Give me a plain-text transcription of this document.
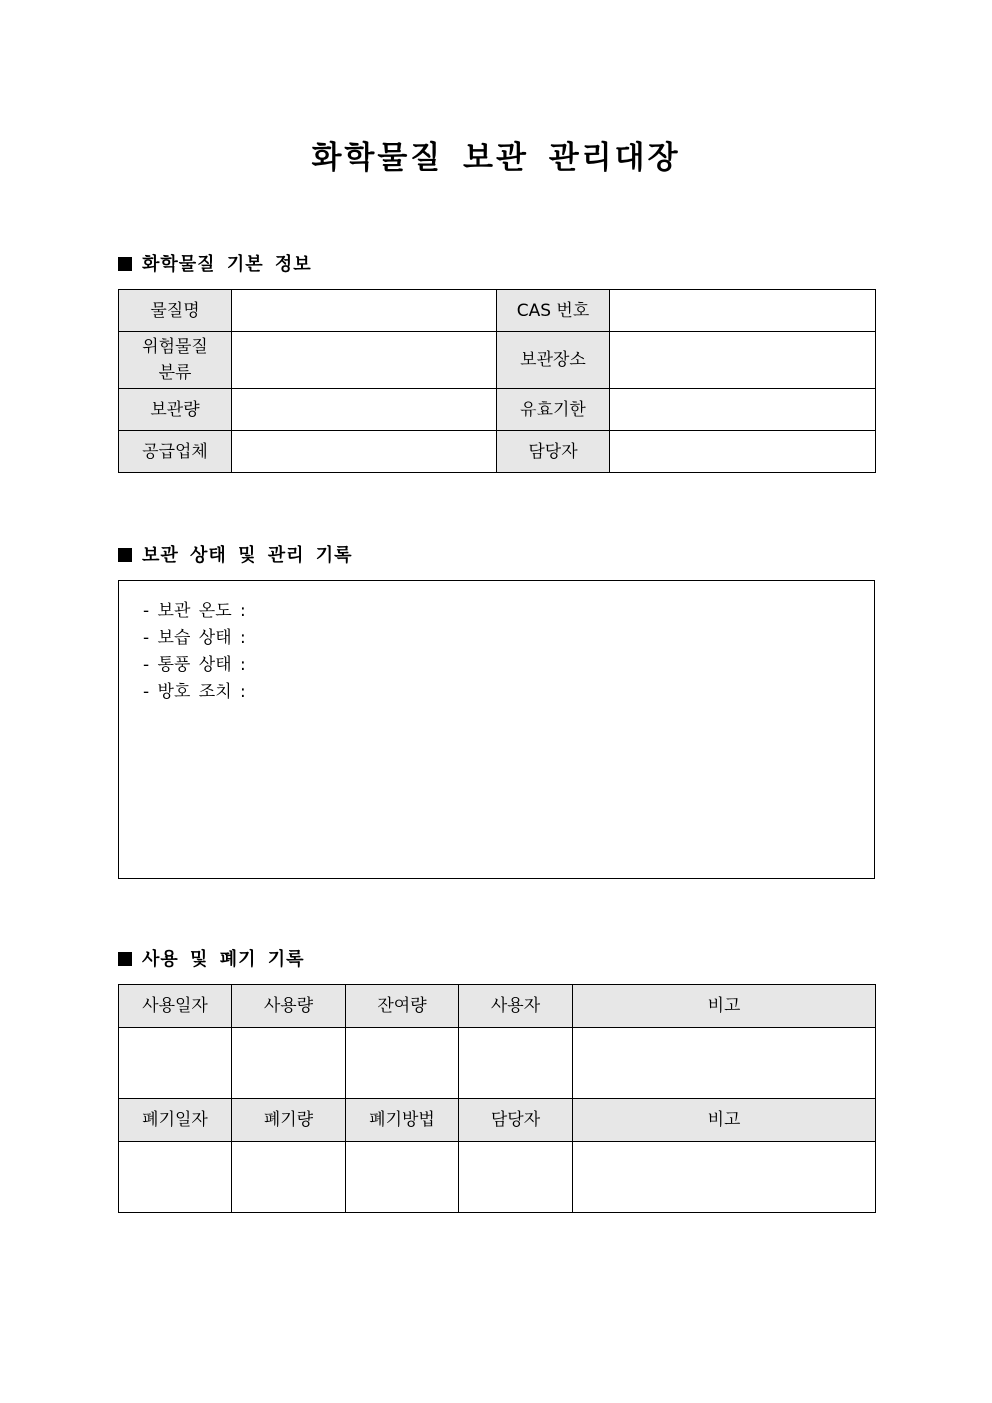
화학물질 보관 관리대장
화학물질 기본 정보
물질명		CAS 번호	

위험물질
분류		보관장소	
보관량		유효기한	
공급업체		담당자	
보관 상태 및 관리 기록
- 보관 온도 :
- 보습 상태 :
- 통풍 상태 :
- 방호 조치 :
사용 및 폐기 기록
사용일자	사용량	잔여량	사용자	비고

폐기일자	폐기량	폐기방법	담당자	비고
